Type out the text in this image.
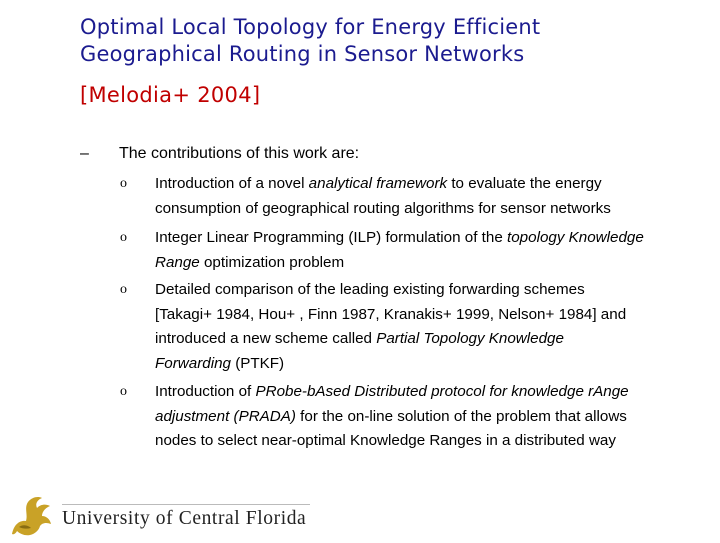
Optimal Local Topology for Energy Efficient
Geographical Routing in Sensor Networks
[Melodia+ 2004]
– The contributions of this work are:
o Introduction of a novel analytical framework to evaluate the energy
consumption of geographical routing algorithms for sensor networks
o Integer Linear Programming (ILP) formulation of the topology Knowledge
Range optimization problem
o Detailed comparison of the leading existing forwarding schemes
[Takagi+ 1984, Hou+ , Finn 1987, Kranakis+ 1999, Nelson+ 1984] and
introduced a new scheme called Partial Topology Knowledge
Forwarding (PTKF)
o Introduction of PRobe-bAsed Distributed protocol for knowledge rAnge
adjustment (PRADA) for the on-line solution of the problem that allows
nodes to select near-optimal Knowledge Ranges in a distributed way
University of Central Florida
